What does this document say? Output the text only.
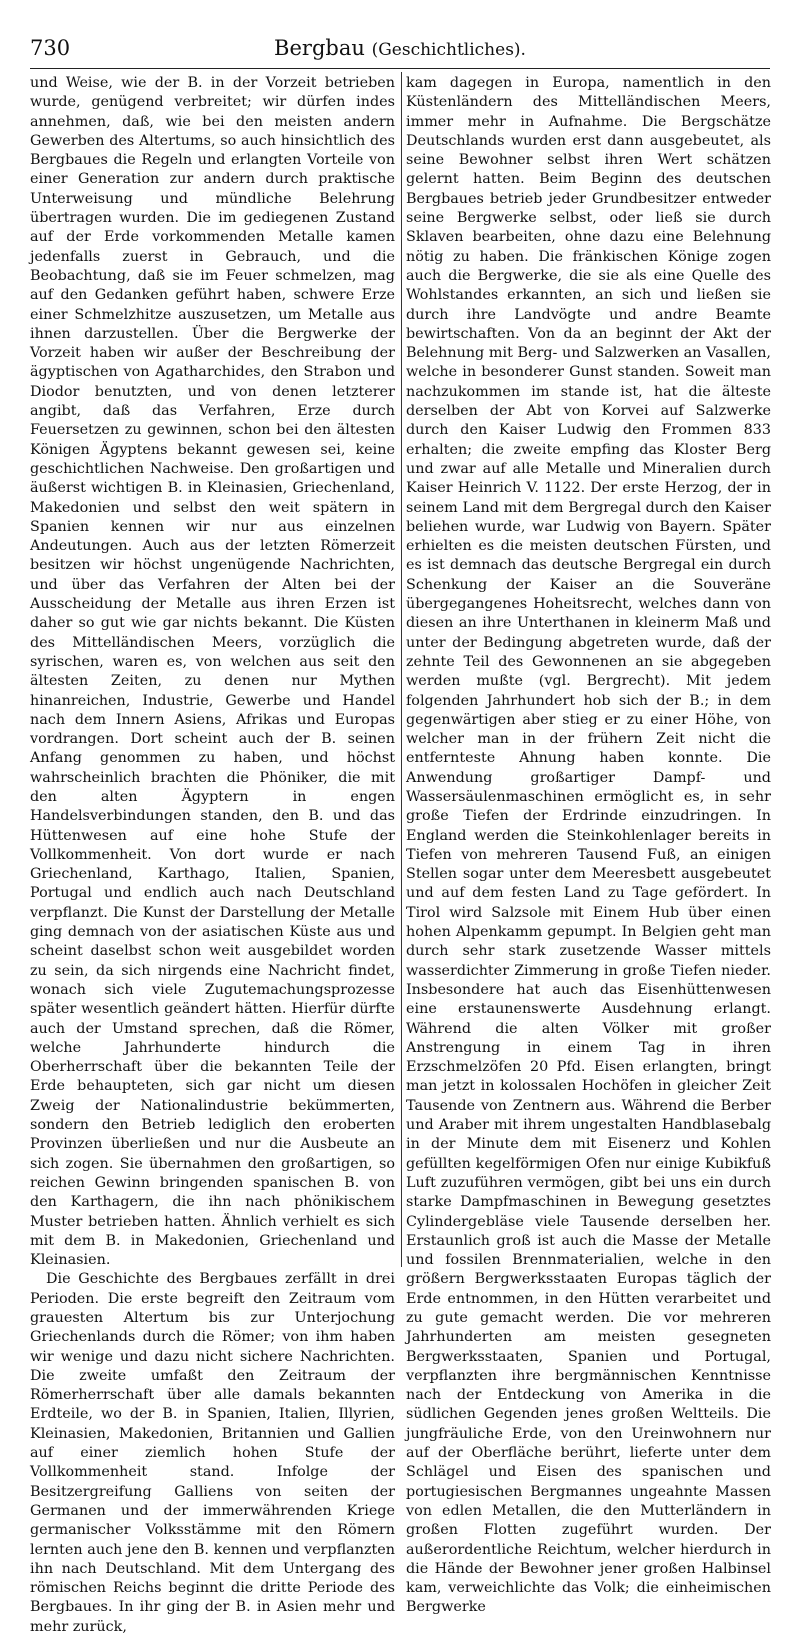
730	Bergbau (Geschichtliches).

und Weise, wie der B. in der Vorzeit betrieben wurde, genügend verbreitet; wir dürfen indes annehmen, daß, wie bei den meisten andern Gewerben des Altertums, so auch hinsichtlich des Bergbaues die Regeln und erlangten Vorteile von einer Generation zur andern durch praktische Unterweisung und mündliche Belehrung übertragen wurden. Die im gediegenen Zustand auf der Erde vorkommenden Metalle kamen jedenfalls zuerst in Gebrauch, und die Beobachtung, daß sie im Feuer schmelzen, mag auf den Gedanken geführt haben, schwere Erze einer Schmelzhitze auszusetzen, um Metalle aus ihnen darzustellen. Über die Bergwerke der Vorzeit haben wir außer der Beschreibung der ägyptischen von Agatharchides, den Strabon und Diodor benutzten, und von denen letzterer angibt, daß das Verfahren, Erze durch Feuersetzen zu gewinnen, schon bei den ältesten Königen Ägyptens bekannt gewesen sei, keine geschichtlichen Nachweise. Den großartigen und äußerst wichtigen B. in Kleinasien, Griechenland, Makedonien und selbst den weit spätern in Spanien kennen wir nur aus einzelnen Andeutungen. Auch aus der letzten Römerzeit besitzen wir höchst ungenügende Nachrichten, und über das Verfahren der Alten bei der Ausscheidung der Metalle aus ihren Erzen ist daher so gut wie gar nichts bekannt. Die Küsten des Mittelländischen Meers, vorzüglich die syrischen, waren es, von welchen aus seit den ältesten Zeiten, zu denen nur Mythen hinanreichen, Industrie, Gewerbe und Handel nach dem Innern Asiens, Afrikas und Europas vordrangen. Dort scheint auch der B. seinen Anfang genommen zu haben, und höchst wahrscheinlich brachten die Phöniker, die mit den alten Ägyptern in engen Handelsverbindungen standen, den B. und das Hüttenwesen auf eine hohe Stufe der Vollkommenheit. Von dort wurde er nach Griechenland, Karthago, Italien, Spanien, Portugal und endlich auch nach Deutschland verpflanzt. Die Kunst der Darstellung der Metalle ging demnach von der asiatischen Küste aus und scheint daselbst schon weit ausgebildet worden zu sein, da sich nirgends eine Nachricht findet, wonach sich viele Zugutemachungsprozesse später wesentlich geändert hätten. Hierfür dürfte auch der Umstand sprechen, daß die Römer, welche Jahrhunderte hindurch die Oberherrschaft über die bekannten Teile der Erde behaupteten, sich gar nicht um diesen Zweig der Nationalindustrie bekümmerten, sondern den Betrieb lediglich den eroberten Provinzen überließen und nur die Ausbeute an sich zogen. Sie übernahmen den großartigen, so reichen Gewinn bringenden spanischen B. von den Karthagern, die ihn nach phönikischem Muster betrieben hatten. Ähnlich verhielt es sich mit dem B. in Makedonien, Griechenland und Kleinasien.

Die Geschichte des Bergbaues zerfällt in drei Perioden. Die erste begreift den Zeitraum vom grauesten Altertum bis zur Unterjochung Griechenlands durch die Römer; von ihm haben wir wenige und dazu nicht sichere Nachrichten. Die zweite umfaßt den Zeitraum der Römerherrschaft über alle damals bekannten Erdteile, wo der B. in Spanien, Italien, Illyrien, Kleinasien, Makedonien, Britannien und Gallien auf einer ziemlich hohen Stufe der Vollkommenheit stand. Infolge der Besitzergreifung Galliens von seiten der Germanen und der immerwährenden Kriege germanischer Volksstämme mit den Römern lernten auch jene den B. kennen und verpflanzten ihn nach Deutschland. Mit dem Untergang des römischen Reichs beginnt die dritte Periode des Bergbaues. In ihr ging der B. in Asien mehr und mehr zurück,

kam dagegen in Europa, namentlich in den Küstenländern des Mittelländischen Meers, immer mehr in Aufnahme. Die Bergschätze Deutschlands wurden erst dann ausgebeutet, als seine Bewohner selbst ihren Wert schätzen gelernt hatten. Beim Beginn des deutschen Bergbaues betrieb jeder Grundbesitzer entweder seine Bergwerke selbst, oder ließ sie durch Sklaven bearbeiten, ohne dazu eine Belehnung nötig zu haben. Die fränkischen Könige zogen auch die Bergwerke, die sie als eine Quelle des Wohlstandes erkannten, an sich und ließen sie durch ihre Landvögte und andre Beamte bewirtschaften. Von da an beginnt der Akt der Belehnung mit Berg- und Salzwerken an Vasallen, welche in besonderer Gunst standen. Soweit man nachzukommen im stande ist, hat die älteste derselben der Abt von Korvei auf Salzwerke durch den Kaiser Ludwig den Frommen 833 erhalten; die zweite empfing das Kloster Berg und zwar auf alle Metalle und Mineralien durch Kaiser Heinrich V. 1122. Der erste Herzog, der in seinem Land mit dem Bergregal durch den Kaiser beliehen wurde, war Ludwig von Bayern. Später erhielten es die meisten deutschen Fürsten, und es ist demnach das deutsche Bergregal ein durch Schenkung der Kaiser an die Souveräne übergegangenes Hoheitsrecht, welches dann von diesen an ihre Unterthanen in kleinerm Maß und unter der Bedingung abgetreten wurde, daß der zehnte Teil des Gewonnenen an sie abgegeben werden mußte (vgl. Bergrecht). Mit jedem folgenden Jahrhundert hob sich der B.; in dem gegenwärtigen aber stieg er zu einer Höhe, von welcher man in der frühern Zeit nicht die entfernteste Ahnung haben konnte. Die Anwendung großartiger Dampf- und Wassersäulenmaschinen ermöglicht es, in sehr große Tiefen der Erdrinde einzudringen. In England werden die Steinkohlenlager bereits in Tiefen von mehreren Tausend Fuß, an einigen Stellen sogar unter dem Meeresbett ausgebeutet und auf dem festen Land zu Tage gefördert. In Tirol wird Salzsole mit Einem Hub über einen hohen Alpenkamm gepumpt. In Belgien geht man durch sehr stark zusetzende Wasser mittels wasserdichter Zimmerung in große Tiefen nieder. Insbesondere hat auch das Eisenhüttenwesen eine erstaunenswerte Ausdehnung erlangt. Während die alten Völker mit großer Anstrengung in einem Tag in ihren Erzschmelzöfen 20 Pfd. Eisen erlangten, bringt man jetzt in kolossalen Hochöfen in gleicher Zeit Tausende von Zentnern aus. Während die Berber und Araber mit ihrem ungestalten Handblasebalg in der Minute dem mit Eisenerz und Kohlen gefüllten kegelförmigen Ofen nur einige Kubikfuß Luft zuzuführen vermögen, gibt bei uns ein durch starke Dampfmaschinen in Bewegung gesetztes Cylindergebläse viele Tausende derselben her. Erstaunlich groß ist auch die Masse der Metalle und fossilen Brennmaterialien, welche in den größern Bergwerksstaaten Europas täglich der Erde entnommen, in den Hütten verarbeitet und zu gute gemacht werden. Die vor mehreren Jahrhunderten am meisten gesegneten Bergwerksstaaten, Spanien und Portugal, verpflanzten ihre bergmännischen Kenntnisse nach der Entdeckung von Amerika in die südlichen Gegenden jenes großen Weltteils. Die jungfräuliche Erde, von den Ureinwohnern nur auf der Oberfläche berührt, lieferte unter dem Schlägel und Eisen des spanischen und portugiesischen Bergmannes ungeahnte Massen von edlen Metallen, die den Mutterländern in großen Flotten zugeführt wurden. Der außerordentliche Reichtum, welcher hierdurch in die Hände der Bewohner jener großen Halbinsel kam, verweichlichte das Volk; die einheimischen Bergwerke
